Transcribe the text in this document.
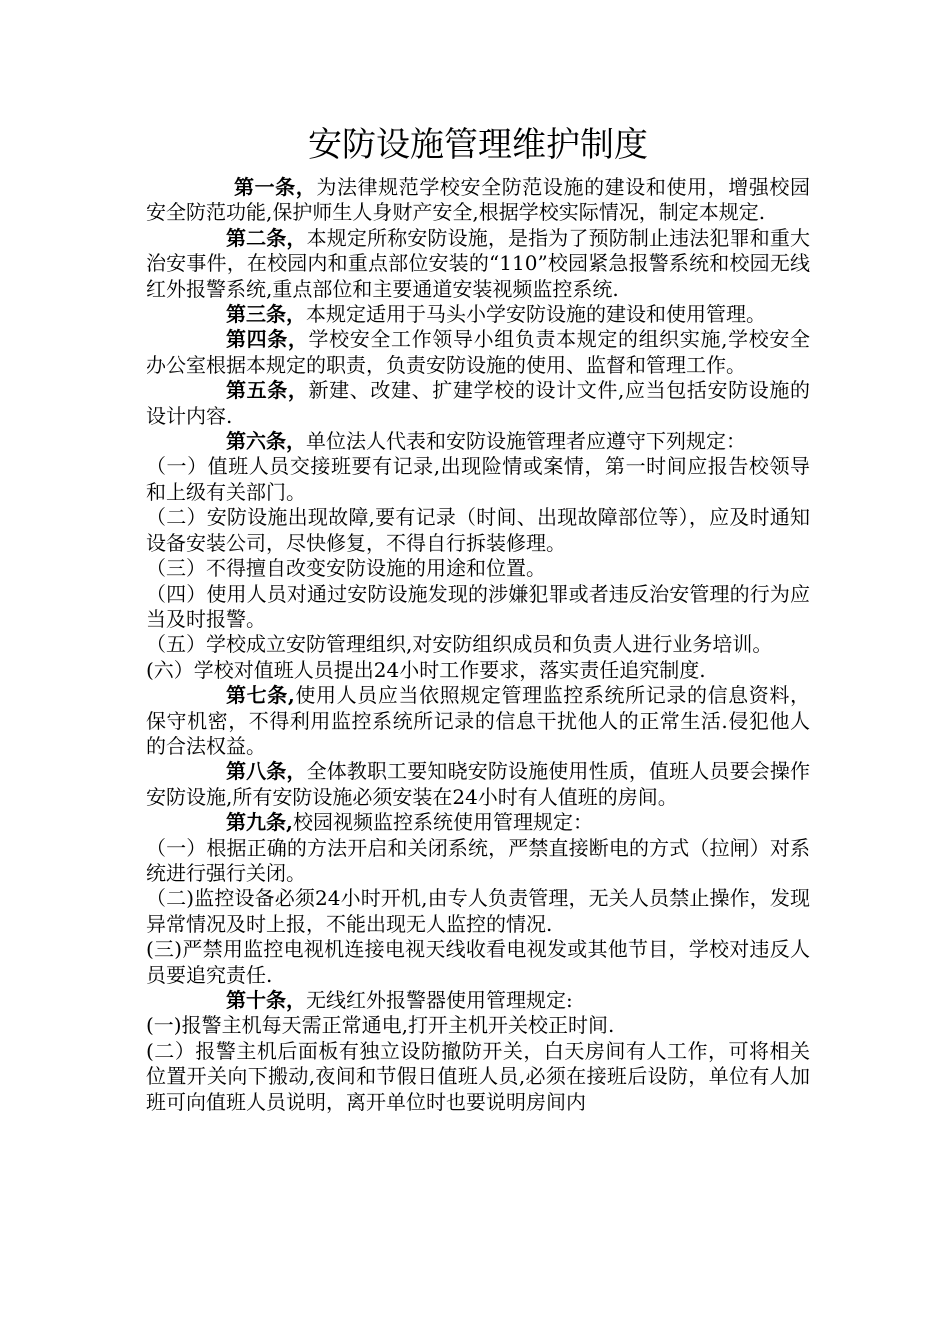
安防设施管理维护制度

第一条，为法律规范学校安全防范设施的建设和使用，增强校园安全防范功能,保护师生人身财产安全,根据学校实际情况，制定本规定.

第二条，本规定所称安防设施，是指为了预防制止违法犯罪和重大治安事件，在校园内和重点部位安装的“110”校园紧急报警系统和校园无线红外报警系统,重点部位和主要通道安装视频监控系统.

第三条，本规定适用于马头小学安防设施的建设和使用管理。

第四条，学校安全工作领导小组负责本规定的组织实施,学校安全办公室根据本规定的职责，负责安防设施的使用、监督和管理工作。

第五条，新建、改建、扩建学校的设计文件,应当包括安防设施的设计内容.

第六条，单位法人代表和安防设施管理者应遵守下列规定：

（一）值班人员交接班要有记录,出现险情或案情，第一时间应报告校领导和上级有关部门。

（二）安防设施出现故障,要有记录（时间、出现故障部位等），应及时通知设备安装公司，尽快修复，不得自行拆装修理。

（三）不得擅自改变安防设施的用途和位置。

（四）使用人员对通过安防设施发现的涉嫌犯罪或者违反治安管理的行为应当及时报警。

（五）学校成立安防管理组织,对安防组织成员和负责人进行业务培训。

(六）学校对值班人员提出24小时工作要求，落实责任追究制度.

第七条,使用人员应当依照规定管理监控系统所记录的信息资料，保守机密，不得利用监控系统所记录的信息干扰他人的正常生活.侵犯他人的合法权益。

第八条，全体教职工要知晓安防设施使用性质，值班人员要会操作安防设施,所有安防设施必须安装在24小时有人值班的房间。

第九条,校园视频监控系统使用管理规定：

（一）根据正确的方法开启和关闭系统，严禁直接断电的方式（拉闸）对系统进行强行关闭。

（二)监控设备必须24小时开机,由专人负责管理，无关人员禁止操作，发现异常情况及时上报，不能出现无人监控的情况.

(三)严禁用监控电视机连接电视天线收看电视发或其他节目，学校对违反人员要追究责任.

第十条，无线红外报警器使用管理规定:

(一)报警主机每天需正常通电,打开主机开关校正时间.

(二）报警主机后面板有独立设防撤防开关，白天房间有人工作，可将相关位置开关向下搬动,夜间和节假日值班人员,必须在接班后设防，单位有人加班可向值班人员说明，离开单位时也要说明房间内
